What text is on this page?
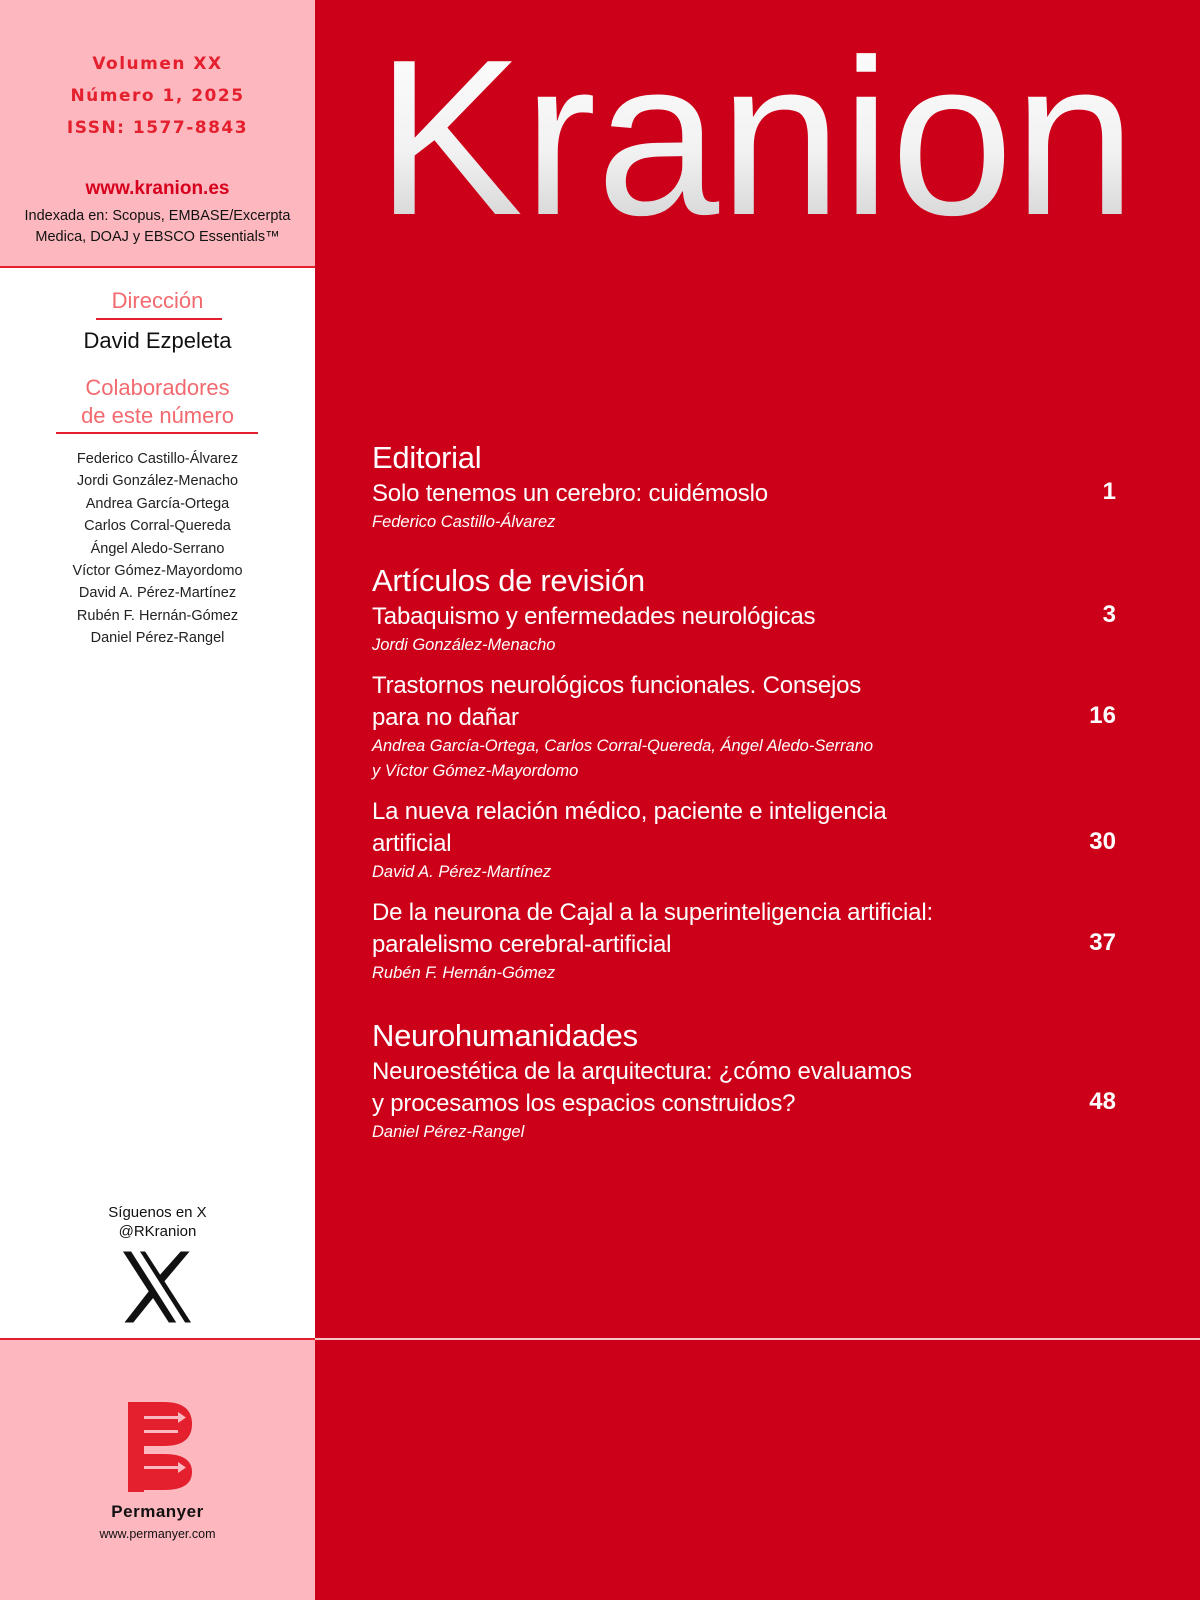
Volumen XX
Número 1, 2025
ISSN: 1577-8843
www.kranion.es
Indexada en: Scopus, EMBASE/Excerpta Medica, DOAJ y EBSCO Essentials™
Dirección
David Ezpeleta
Colaboradores
de este número
Federico Castillo-Álvarez
Jordi González-Menacho
Andrea García-Ortega
Carlos Corral-Quereda
Ángel Aledo-Serrano
Víctor Gómez-Mayordomo
David A. Pérez-Martínez
Rubén F. Hernán-Gómez
Daniel Pérez-Rangel
Síguenos en X
@RKranion
Permanyer
www.permanyer.com
Kranion
Editorial
Solo tenemos un cerebro: cuidémoslo	1
Federico Castillo-Álvarez
Artículos de revisión
Tabaquismo y enfermedades neurológicas	3
Jordi González-Menacho
Trastornos neurológicos funcionales. Consejos
para no dañar	16
Andrea García-Ortega, Carlos Corral-Quereda, Ángel Aledo-Serrano
y Víctor Gómez-Mayordomo
La nueva relación médico, paciente e inteligencia
artificial	30
David A. Pérez-Martínez
De la neurona de Cajal a la superinteligencia artificial:
paralelismo cerebral-artificial	37
Rubén F. Hernán-Gómez
Neurohumanidades
Neuroestética de la arquitectura: ¿cómo evaluamos
y procesamos los espacios construidos?	48
Daniel Pérez-Rangel
